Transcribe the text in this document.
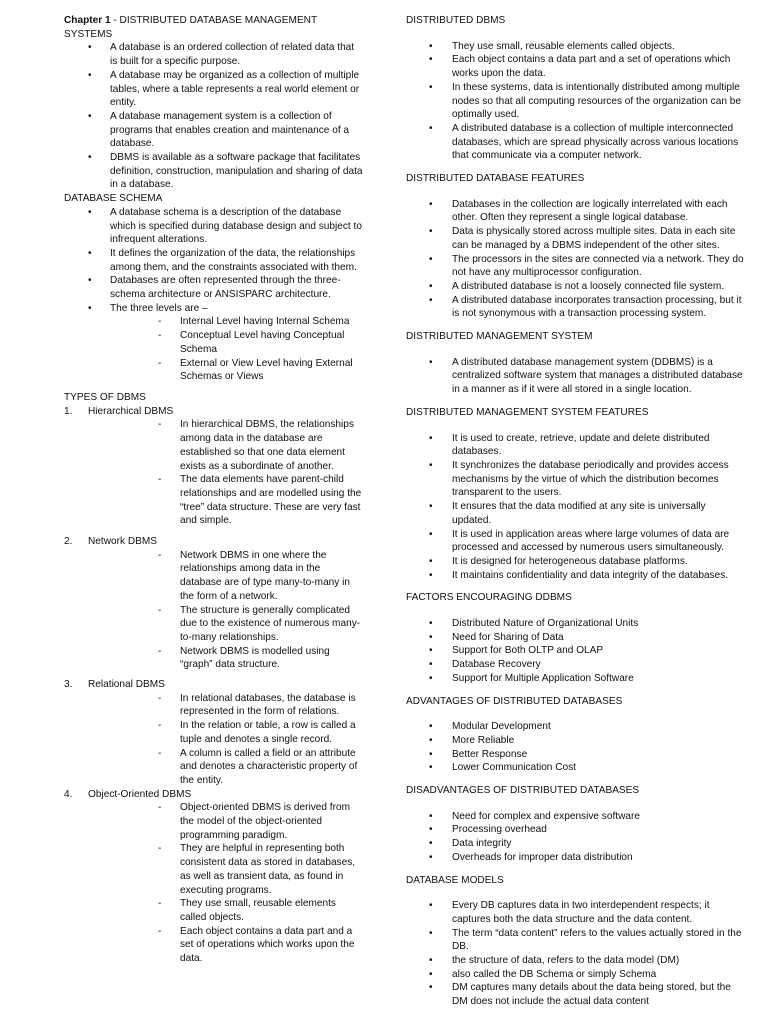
Chapter 1 - DISTRIBUTED DATABASE MANAGEMENT SYSTEMS

• A database is an ordered collection of related data that is built for a specific purpose.
• A database may be organized as a collection of multiple tables, where a table represents a real world element or entity.
• A database management system is a collection of programs that enables creation and maintenance of a database.
• DBMS is available as a software package that facilitates definition, construction, manipulation and sharing of data in a database.

DATABASE SCHEMA

• A database schema is a description of the database which is specified during database design and subject to infrequent alterations.
• It defines the organization of the data, the relationships among them, and the constraints associated with them.
• Databases are often represented through the three-schema architecture or ANSISPARC architecture.
• The three levels are –
- Internal Level having Internal Schema
- Conceptual Level having Conceptual Schema
- External or View Level having External Schemas or Views

TYPES OF DBMS

1. Hierarchical DBMS
- In hierarchical DBMS, the relationships among data in the database are established so that one data element exists as a subordinate of another.
- The data elements have parent-child relationships and are modelled using the “tree” data structure. These are very fast and simple.
2. Network DBMS
- Network DBMS in one where the relationships among data in the database are of type many-to-many in the form of a network.
- The structure is generally complicated due to the existence of numerous many-to-many relationships.
- Network DBMS is modelled using “graph” data structure.
3. Relational DBMS
- In relational databases, the database is represented in the form of relations.
- In the relation or table, a row is called a tuple and denotes a single record.
- A column is called a field or an attribute and denotes a characteristic property of the entity.
4. Object-Oriented DBMS
- Object-oriented DBMS is derived from the model of the object-oriented programming paradigm.
- They are helpful in representing both consistent data as stored in databases, as well as transient data, as found in executing programs.
- They use small, reusable elements called objects.
- Each object contains a data part and a set of operations which works upon the data.

DISTRIBUTED DBMS

• They use small, reusable elements called objects.
• Each object contains a data part and a set of operations which works upon the data.
• In these systems, data is intentionally distributed among multiple nodes so that all computing resources of the organization can be optimally used.
• A distributed database is a collection of multiple interconnected databases, which are spread physically across various locations that communicate via a computer network.

DISTRIBUTED DATABASE FEATURES

• Databases in the collection are logically interrelated with each other. Often they represent a single logical database.
• Data is physically stored across multiple sites. Data in each site can be managed by a DBMS independent of the other sites.
• The processors in the sites are connected via a network. They do not have any multiprocessor configuration.
• A distributed database is not a loosely connected file system.
• A distributed database incorporates transaction processing, but it is not synonymous with a transaction processing system.

DISTRIBUTED MANAGEMENT SYSTEM

• A distributed database management system (DDBMS) is a centralized software system that manages a distributed database in a manner as if it were all stored in a single location.

DISTRIBUTED MANAGEMENT SYSTEM FEATURES

• It is used to create, retrieve, update and delete distributed databases.
• It synchronizes the database periodically and provides access mechanisms by the virtue of which the distribution becomes transparent to the users.
• It ensures that the data modified at any site is universally updated.
• It is used in application areas where large volumes of data are processed and accessed by numerous users simultaneously.
• It is designed for heterogeneous database platforms.
• It maintains confidentiality and data integrity of the databases.

FACTORS ENCOURAGING DDBMS

• Distributed Nature of Organizational Units
• Need for Sharing of Data
• Support for Both OLTP and OLAP
• Database Recovery
• Support for Multiple Application Software

ADVANTAGES OF DISTRIBUTED DATABASES

• Modular Development
• More Reliable
• Better Response
• Lower Communication Cost

DISADVANTAGES OF DISTRIBUTED DATABASES

• Need for complex and expensive software
• Processing overhead
• Data integrity
• Overheads for improper data distribution

DATABASE MODELS

• Every DB captures data in two interdependent respects; it captures both the data structure and the data content.
• The term “data content” refers to the values actually stored in the DB.
• the structure of data, refers to the data model (DM)
• also called the DB Schema or simply Schema
• DM captures many details about the data being stored, but the DM does not include the actual data content
